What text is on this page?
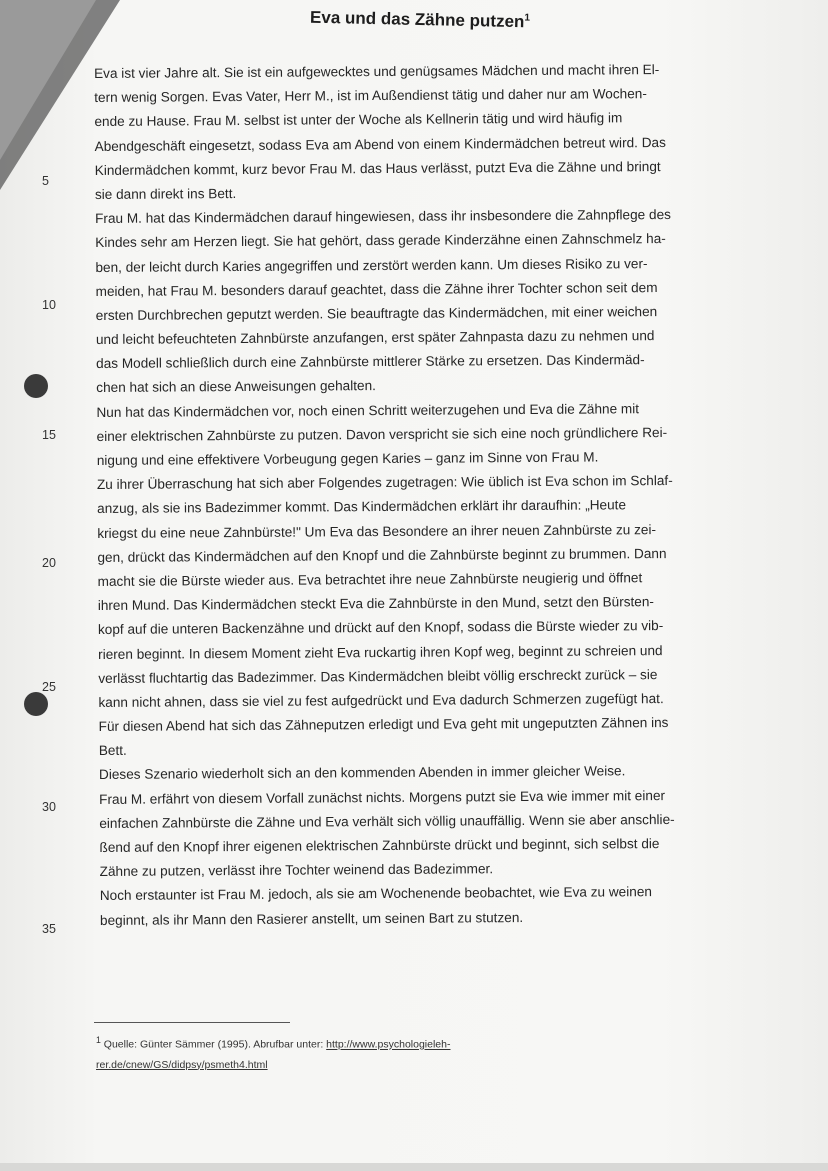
Eva und das Zähne putzen$^1$
Eva ist vier Jahre alt. Sie ist ein aufgewecktes und genügsames Mädchen und macht ihren El-
tern wenig Sorgen. Evas Vater, Herr M., ist im Außendienst tätig und daher nur am Wochen-
ende zu Hause. Frau M. selbst ist unter der Woche als Kellnerin tätig und wird häufig im
Abendgeschäft eingesetzt, sodass Eva am Abend von einem Kindermädchen betreut wird. Das
Kindermädchen kommt, kurz bevor Frau M. das Haus verlässt, putzt Eva die Zähne und bringt
sie dann direkt ins Bett.
Frau M. hat das Kindermädchen darauf hingewiesen, dass ihr insbesondere die Zahnpflege des
Kindes sehr am Herzen liegt. Sie hat gehört, dass gerade Kinderzähne einen Zahnschmelz ha-
ben, der leicht durch Karies angegriffen und zerstört werden kann. Um dieses Risiko zu ver-
meiden, hat Frau M. besonders darauf geachtet, dass die Zähne ihrer Tochter schon seit dem
ersten Durchbrechen geputzt werden. Sie beauftragte das Kindermädchen, mit einer weichen
und leicht befeuchteten Zahnbürste anzufangen, erst später Zahnpasta dazu zu nehmen und
das Modell schließlich durch eine Zahnbürste mittlerer Stärke zu ersetzen. Das Kindermäd-
chen hat sich an diese Anweisungen gehalten.
Nun hat das Kindermädchen vor, noch einen Schritt weiterzugehen und Eva die Zähne mit
einer elektrischen Zahnbürste zu putzen. Davon verspricht sie sich eine noch gründlichere Rei-
nigung und eine effektivere Vorbeugung gegen Karies – ganz im Sinne von Frau M.
Zu ihrer Überraschung hat sich aber Folgendes zugetragen: Wie üblich ist Eva schon im Schlaf-
anzug, als sie ins Badezimmer kommt. Das Kindermädchen erklärt ihr daraufhin: „Heute
kriegst du eine neue Zahnbürste!" Um Eva das Besondere an ihrer neuen Zahnbürste zu zei-
gen, drückt das Kindermädchen auf den Knopf und die Zahnbürste beginnt zu brummen. Dann
macht sie die Bürste wieder aus. Eva betrachtet ihre neue Zahnbürste neugierig und öffnet
ihren Mund. Das Kindermädchen steckt Eva die Zahnbürste in den Mund, setzt den Bürsten-
kopf auf die unteren Backenzähne und drückt auf den Knopf, sodass die Bürste wieder zu vib-
rieren beginnt. In diesem Moment zieht Eva ruckartig ihren Kopf weg, beginnt zu schreien und
verlässt fluchtartig das Badezimmer. Das Kindermädchen bleibt völlig erschreckt zurück – sie
kann nicht ahnen, dass sie viel zu fest aufgedrückt und Eva dadurch Schmerzen zugefügt hat.
Für diesen Abend hat sich das Zähneputzen erledigt und Eva geht mit ungeputzten Zähnen ins
Bett.
Dieses Szenario wiederholt sich an den kommenden Abenden in immer gleicher Weise.
Frau M. erfährt von diesem Vorfall zunächst nichts. Morgens putzt sie Eva wie immer mit einer
einfachen Zahnbürste die Zähne und Eva verhält sich völlig unauffällig. Wenn sie aber anschlie-
ßend auf den Knopf ihrer eigenen elektrischen Zahnbürste drückt und beginnt, sich selbst die
Zähne zu putzen, verlässt ihre Tochter weinend das Badezimmer.
Noch erstaunter ist Frau M. jedoch, als sie am Wochenende beobachtet, wie Eva zu weinen
beginnt, als ihr Mann den Rasierer anstellt, um seinen Bart zu stutzen.
5
10
15
20
25
30
35
$^1$ Quelle: Günter Sämmer (1995). Abrufbar unter: http://www.psychologieleh-
rer.de/cnew/GS/didpsy/psmeth4.html
